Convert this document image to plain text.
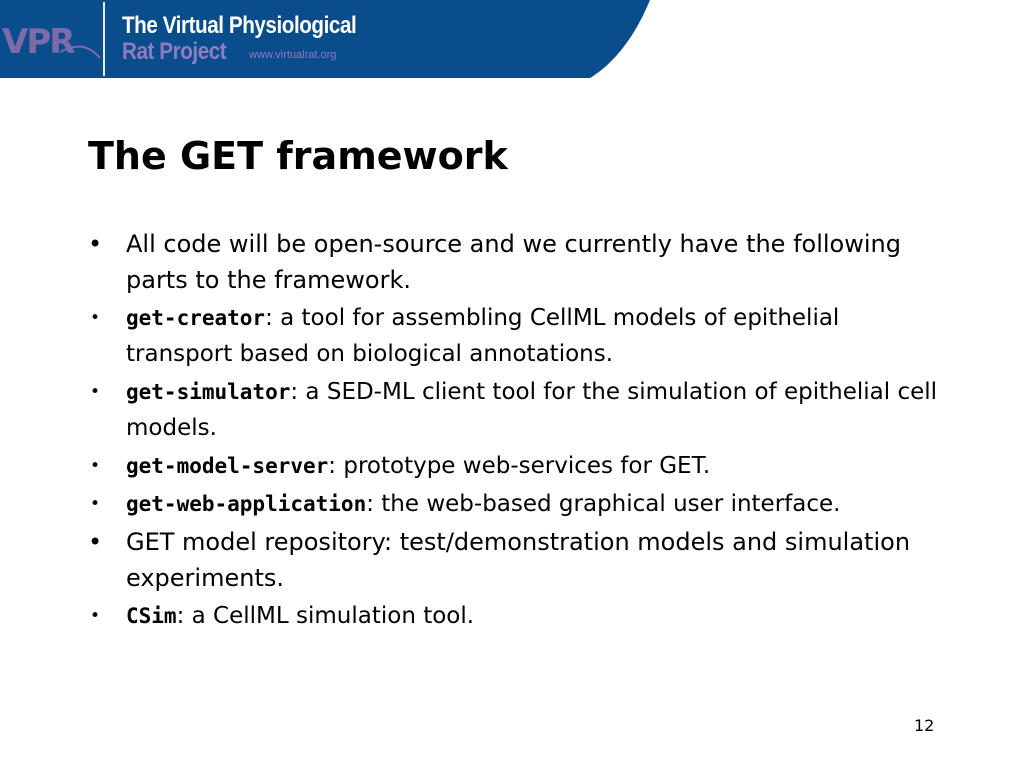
VPR The Virtual Physiological
Rat Project www.virtualrat.org
The GET framework
• All code will be open-source and we currently have the following parts to the framework.
• get-creator: a tool for assembling CellML models of epithelial transport based on biological annotations.
• get-simulator: a SED-ML client tool for the simulation of epithelial cell models.
• get-model-server: prototype web-services for GET.
• get-web-application: the web-based graphical user interface.
• GET model repository: test/demonstration models and simulation experiments.
• CSim: a CellML simulation tool.
12
